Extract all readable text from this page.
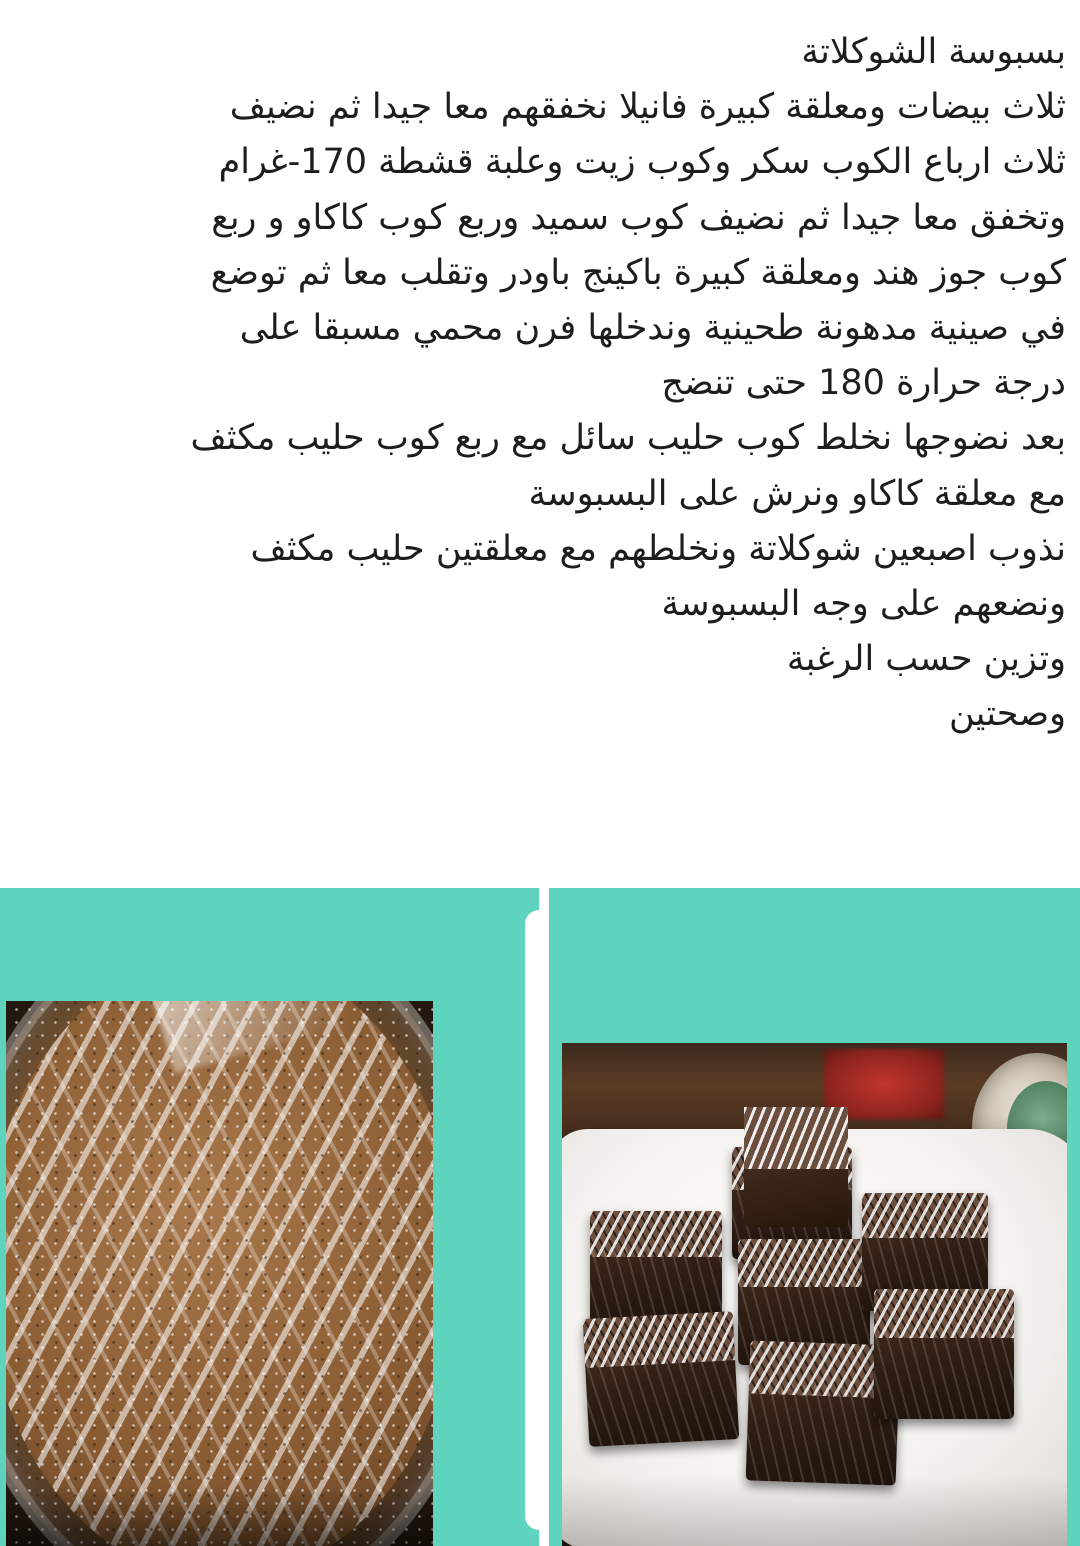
بسبوسة الشوكلاتة

ثلاث بيضات ومعلقة كبيرة فانيلا نخفقهم معا جيدا ثم نضيف

ثلاث ارباع الكوب سكر وكوب زيت وعلبة قشطة 170-غرام

وتخفق معا جيدا ثم نضيف كوب سميد وربع كوب كاكاو و ربع

كوب جوز هند ومعلقة كبيرة باكينج باودر وتقلب معا ثم توضع

في صينية مدهونة طحينية وندخلها فرن محمي مسبقا على

درجة حرارة 180 حتى تنضج

بعد نضوجها نخلط كوب حليب سائل مع ربع كوب حليب مكثف

مع معلقة كاكاو ونرش على البسبوسة

نذوب اصبعين شوكلاتة ونخلطهم مع معلقتين حليب مكثف

ونضعهم على وجه البسبوسة

وتزين حسب الرغبة

وصحتين
